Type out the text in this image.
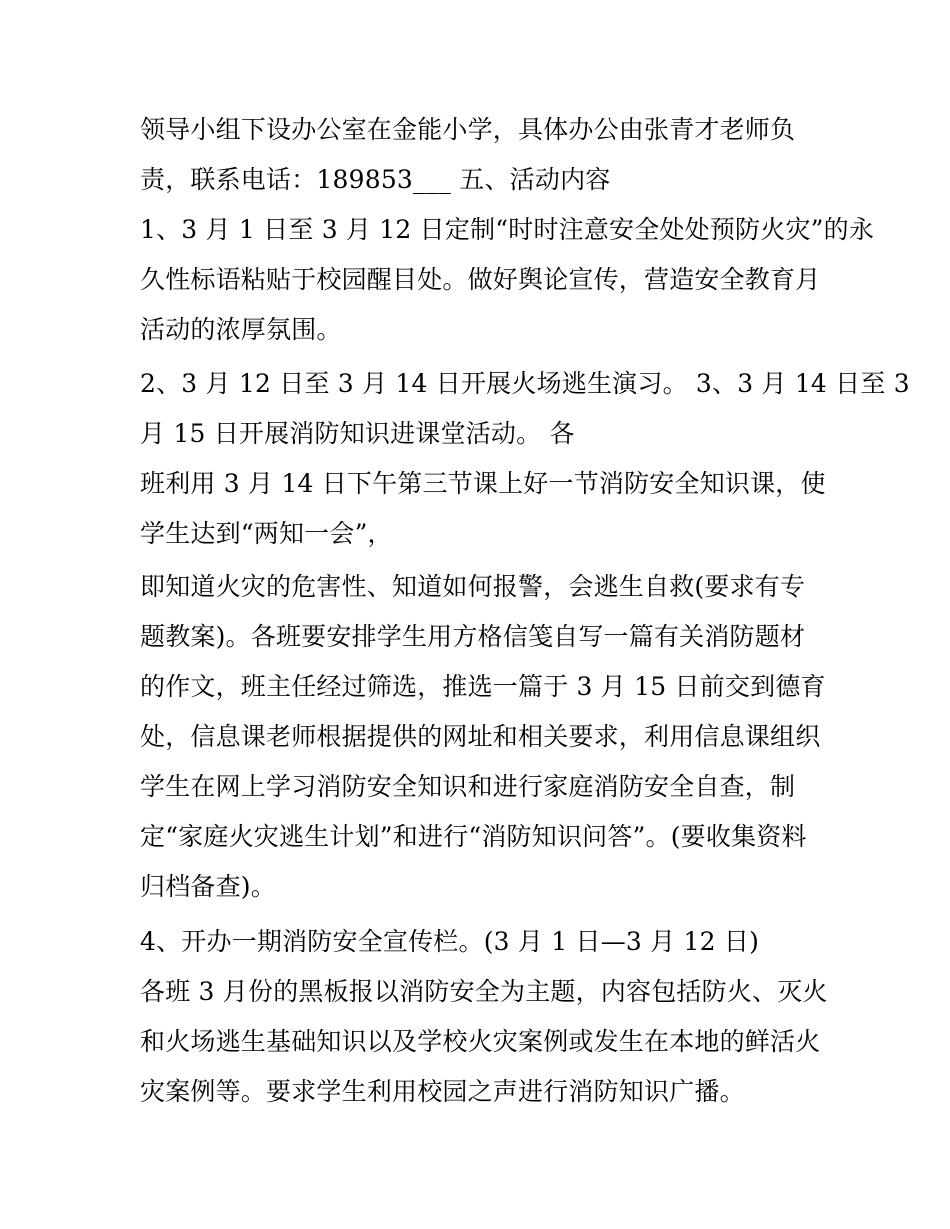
领导小组下设办公室在金能小学，具体办公由张青才老师负
责，联系电话：189853___ 五、活动内容
1、3 月 1 日至 3 月 12 日定制“时时注意安全处处预防火灾”的永
久性标语粘贴于校园醒目处。做好舆论宣传，营造安全教育月
活动的浓厚氛围。
2、3 月 12 日至 3 月 14 日开展火场逃生演习。 3、3 月 14 日至 3
月 15 日开展消防知识进课堂活动。 各
班利用 3 月 14 日下午第三节课上好一节消防安全知识课，使
学生达到“两知一会”，
即知道火灾的危害性、知道如何报警，会逃生自救(要求有专
题教案)。各班要安排学生用方格信笺自写一篇有关消防题材
的作文，班主任经过筛选，推选一篇于 3 月 15 日前交到德育
处，信息课老师根据提供的网址和相关要求，利用信息课组织
学生在网上学习消防安全知识和进行家庭消防安全自查，制
定“家庭火灾逃生计划”和进行“消防知识问答”。(要收集资料
归档备查)。
4、开办一期消防安全宣传栏。(3 月 1 日—3 月 12 日)
各班 3 月份的黑板报以消防安全为主题，内容包括防火、灭火
和火场逃生基础知识以及学校火灾案例或发生在本地的鲜活火
灾案例等。要求学生利用校园之声进行消防知识广播。
